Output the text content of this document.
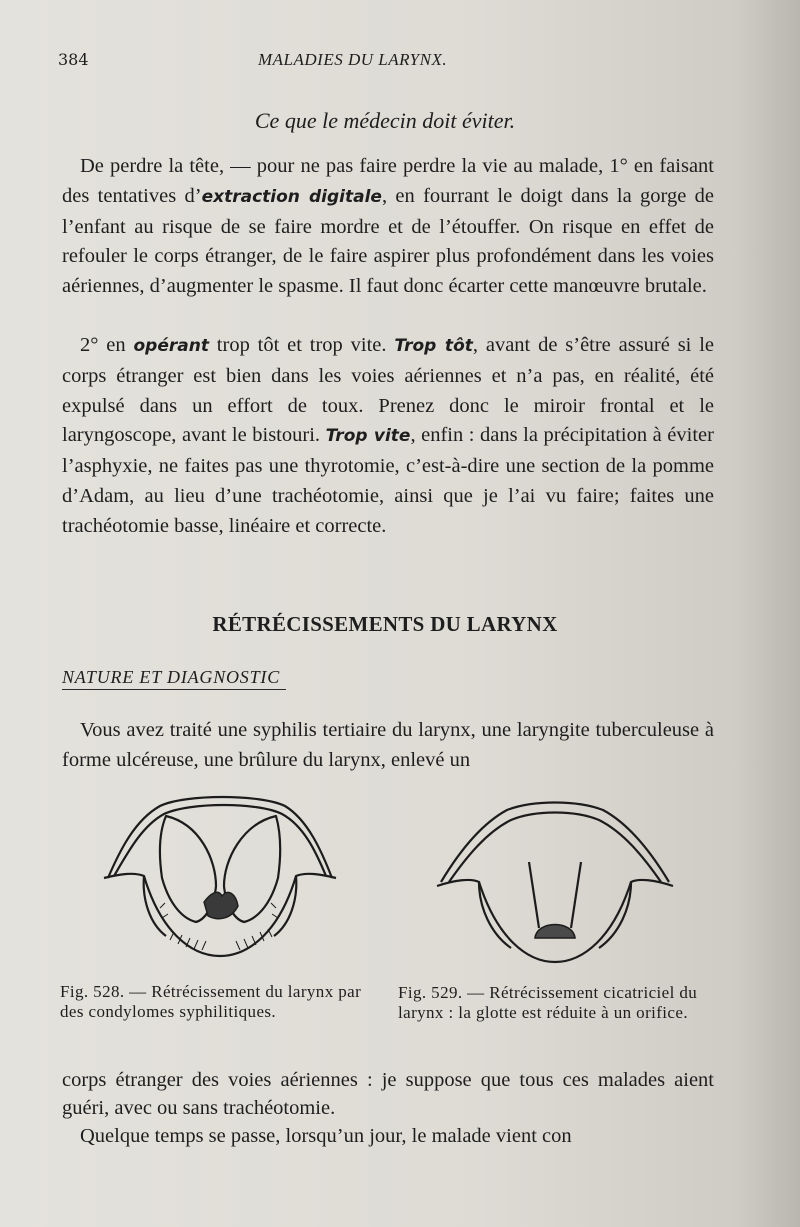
384	MALADIES DU LARYNX.
Ce que le médecin doit éviter.

De perdre la tête, — pour ne pas faire perdre la vie au malade, 1° en faisant des tentatives d’extraction digitale, en fourrant le doigt dans la gorge de l’enfant au risque de se faire mordre et de l’étouffer. On risque en effet de refouler le corps étranger, de le faire aspirer plus profondément dans les voies aériennes, d’augmenter le spasme. Il faut donc écarter cette manœuvre brutale.

2° en opérant trop tôt et trop vite. Trop tôt, avant de s’être assuré si le corps étranger est bien dans les voies aériennes et n’a pas, en réalité, été expulsé dans un effort de toux. Prenez donc le miroir frontal et le laryngoscope, avant le bistouri. Trop vite, enfin : dans la précipitation à éviter l’asphyxie, ne faites pas une thyrotomie, c’est-à-dire une section de la pomme d’Adam, au lieu d’une trachéotomie, ainsi que je l’ai vu faire; faites une trachéotomie basse, linéaire et correcte.

RÉTRÉCISSEMENTS DU LARYNX
NATURE ET DIAGNOSTIC

Vous avez traité une syphilis tertiaire du larynx, une laryngite tuberculeuse à forme ulcéreuse, une brûlure du larynx, enlevé un

Fig. 528. — Rétrécissement du larynx par des condylomes syphilitiques.

Fig. 529. — Rétrécissement cicatriciel du larynx : la glotte est réduite à un orifice.

corps étranger des voies aériennes : je suppose que tous ces malades aient guéri, avec ou sans trachéotomie.
Quelque temps se passe, lorsqu’un jour, le malade vient con
